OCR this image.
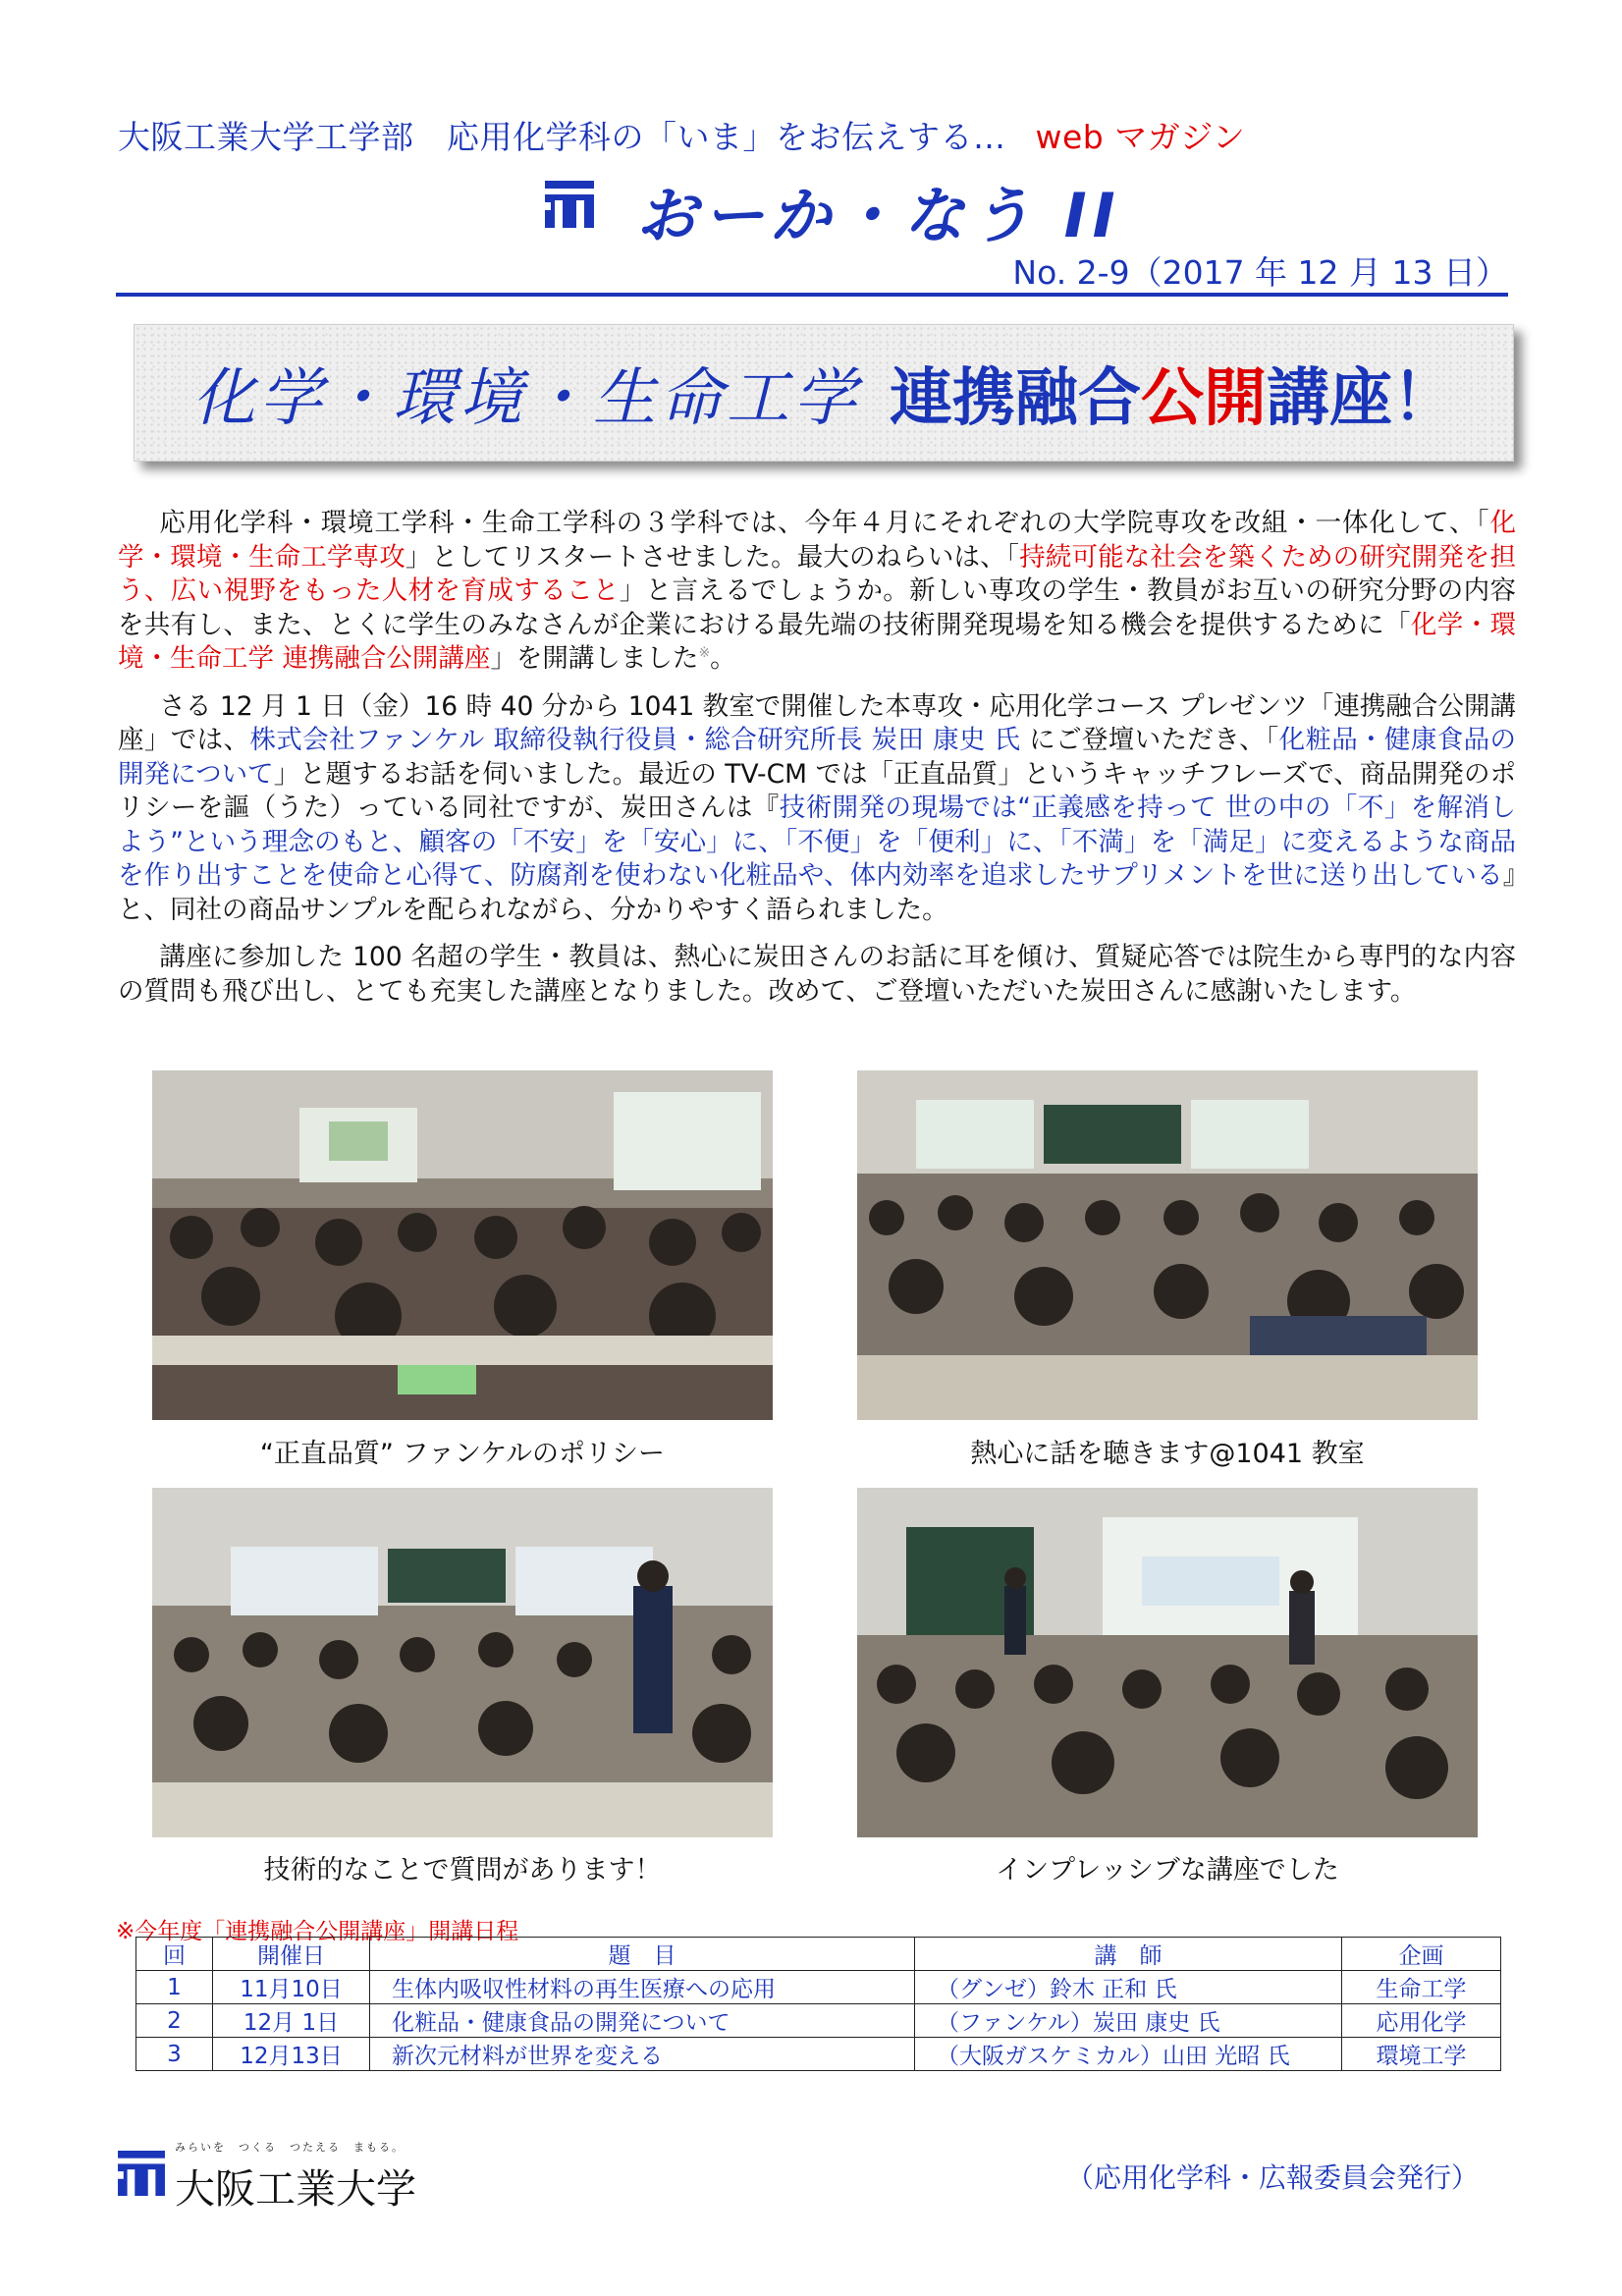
大阪工業大学工学部　応用化学科の「いま」をお伝えする… web マガジン
おーか・なう II
No. 2-9（2017 年 12 月 13 日）
化学・環境・生命工学 連携融合 公開 講座！

応用化学科・環境工学科・生命工学科の３学科では、今年４月にそれぞれの大学院専攻を改組・一体化して、「化学・環境・生命工学専攻」としてリスタートさせました。最大のねらいは、「持続可能な社会を築くための研究開発を担う、広い視野をもった人材を育成すること」と言えるでしょうか。新しい専攻の学生・教員がお互いの研究分野の内容を共有し、また、とくに学生のみなさんが企業における最先端の技術開発現場を知る機会を提供するために「化学・環境・生命工学 連携融合公開講座」を開講しました※。

さる 12 月 1 日（金）16 時 40 分から 1041 教室で開催した本専攻・応用化学コース プレゼンツ「連携融合公開講座」では、株式会社ファンケル 取締役執行役員・総合研究所長 炭田 康史 氏 にご登壇いただき、「化粧品・健康食品の開発について」と題するお話を伺いました。最近の TV-CM では「正直品質」というキャッチフレーズで、商品開発のポリシーを謳（うた）っている同社ですが、炭田さんは『技術開発の現場では“正義感を持って 世の中の「不」を解消しよう”という理念のもと、顧客の「不安」を「安心」に、「不便」を「便利」に、「不満」を「満足」に変えるような商品を作り出すことを使命と心得て、防腐剤を使わない化粧品や、体内効率を追求したサプリメントを世に送り出している』と、同社の商品サンプルを配られながら、分かりやすく語られました。

講座に参加した 100 名超の学生・教員は、熱心に炭田さんのお話に耳を傾け、質疑応答では院生から専門的な内容の質問も飛び出し、とても充実した講座となりました。改めて、ご登壇いただいた炭田さんに感謝いたします。

“正直品質” ファンケルのポリシー	熱心に話を聴きます@1041 教室
技術的なことで質問があります！	インプレッシブな講座でした
※今年度「連携融合公開講座」開講日程
回	開催日	題　目	講　師	企画
1	11月10日	生体内吸収性材料の再生医療への応用	（グンゼ）鈴木 正和 氏	生命工学
2	12月 1日	化粧品・健康食品の開発について	（ファンケル）炭田 康史 氏	応用化学
3	12月13日	新次元材料が世界を変える	（大阪ガスケミカル）山田 光昭 氏	環境工学
みらいを　つくる　つたえる　まもる。
大阪工業大学	（応用化学科・広報委員会発行）
